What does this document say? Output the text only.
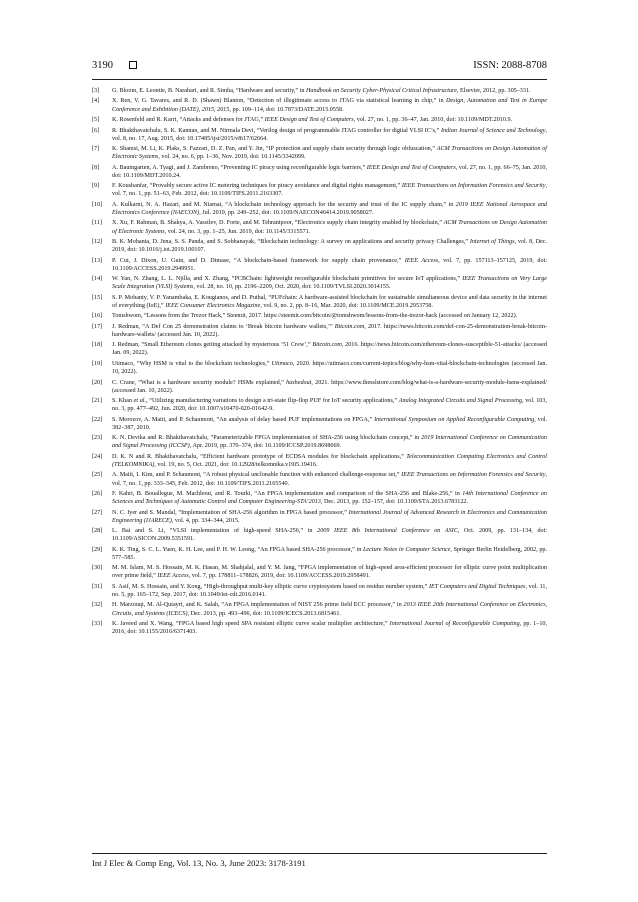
3190	ISSN: 2088-8708
[3]	G. Bloom, E. Leontie, B. Narahari, and R. Simha, “Hardware and security,” in Handbook on Security Cyber-Physical Critical Infrastructure, Elsevier, 2012, pp. 305–331.
[4]	X. Ren, V. G. Tavares, and R. D. (Shawn) Blanton, “Detection of illegitimate access to JTAG via statistical learning in chip,” in Design, Automation and Test in Europe Conference and Exhibition (DATE), 2015, 2015, pp. 109–114, doi: 10.7873/DATE.2015.0558.
[5]	K. Rosenfeld and R. Karri, “Attacks and defenses for JTAG,” IEEE Design and Test of Computers, vol. 27, no. 1, pp. 36–47, Jan. 2010, doi: 10.1109/MDT.2010.9.
[6]	R. Bhakthavatchalu, S. K. Kannan, and M. Nirmala Devi, “Verilog design of programmable JTAG controller for digital VLSI IC’s,” Indian Journal of Science and Technology, vol. 8, no. 17, Aug. 2015, doi: 10.17485/ijst/2015/v8i17/62664.
[7]	K. Shamsi, M. Li, K. Plaks, S. Fazzari, D. Z. Pan, and Y. Jin, “IP protection and supply chain security through logic obfuscation,” ACM Transactions on Design Automation of Electronic Systems, vol. 24, no. 6, pp. 1–36, Nov. 2019, doi: 10.1145/3342099.
[8]	A. Baumgarten, A. Tyagi, and J. Zambreno, “Preventing IC piracy using reconfigurable logic barriers,” IEEE Design and Test of Computers, vol. 27, no. 1, pp. 66–75, Jan. 2010, doi: 10.1109/MDT.2010.24.
[9]	F. Koushanfar, “Provably secure active IC metering techniques for piracy avoidance and digital rights management,” IEEE Transactions on Information Forensics and Security, vol. 7, no. 1, pp. 51–63, Feb. 2012, doi: 10.1109/TIFS.2011.2163307.
[10]	A. Kulkarni, N. A. Hazari, and M. Niamat, “A blockchain technology approach for the security and trust of the IC supply chain,” in 2019 IEEE National Aerospace and Electronics Conference (NAECON), Jul. 2019, pp. 249–252, doi: 10.1109/NAECON46414.2019.9058027.
[11]	X. Xu, F. Rahman, B. Shakya, A. Vassilev, D. Forte, and M. Tehranipoor, “Electronics supply chain integrity enabled by blockchain,” ACM Transactions on Design Automation of Electronic Systems, vol. 24, no. 3, pp. 1–25, Jun. 2019, doi: 10.1145/3315571.
[12]	B. K. Mohanta, D. Jena, S. S. Panda, and S. Sobhanayak, “Blockchain technology: A survey on applications and security privacy Challenges,” Internet of Things, vol. 8, Dec. 2019, doi: 10.1016/j.iot.2019.100107.
[13]	P. Cui, J. Dixon, U. Guin, and D. Dimase, “A blockchain-based framework for supply chain provenance,” IEEE Access, vol. 7, pp. 157113–157125, 2019, doi: 10.1109/ACCESS.2019.2949951.
[14]	W. Yan, N. Zhang, L. L. Njilla, and X. Zhang, “PCBChain: lightweight reconfigurable blockchain primitives for secure IoT applications,” IEEE Transactions on Very Large Scale Integration (VLSI) Systems, vol. 28, no. 10, pp. 2196–2209, Oct. 2020, doi: 10.1109/TVLSI.2020.3014155.
[15]	S. P. Mohanty, V. P. Yanambaka, E. Kougianos, and D. Puthal, “PUFchain: A hardware-assisted blockchain for sustainable simultaneous device and data security in the internet of everything (IoE),” IEEE Consumer Electronics Magazine, vol. 9, no. 2, pp. 8–16, Mar. 2020, doi: 10.1109/MCE.2019.2953758.
[16]	Tomshwom, “Lessons from the Trezor Hack,” Steemit, 2017. https://steemit.com/bitcoin/@tomshwom/lessons-from-the-trezor-hack (accessed on January 12, 2022).
[17]	J. Redman, “A Def Con 25 demonstration claims to ‘Break bitcoin hardware wallets,’” Bitcoin.com, 2017. https://news.bitcoin.com/def-con-25-demonstration-break-bitcoin-hardware-wallets/ (accessed Jan. 10, 2022).
[18]	J. Redman, “Small Ethereum clones getting attacked by mysterious ‘51 Crew’,” Bitcoin.com, 2016. https://news.bitcoin.com/ethereum-clones-susceptible-51-attacks/ (accessed Jan. 09, 2022).
[19]	Utimaco, “Why HSM is vital to the blockchain technologies,” Utimaco, 2020. https://utimaco.com/current-topics/blog/why-hsm-vital-blockchain-technologies (accessed Jan. 10, 2022).
[20]	C. Crane, “What is a hardware security module? HSMs explained,” hashedout, 2021. https://www.thesslstore.com/blog/what-is-a-hardware-security-module-hsms-explained/ (accessed Jan. 10, 2022).
[21]	S. Khan et al., “Utilizing manufacturing variations to design a tri-state flip-flop PUF for IoT security applications,” Analog Integrated Circuits and Signal Processing, vol. 103, no. 3, pp. 477–492, Jun. 2020, doi: 10.1007/s10470-020-01642-9.
[22]	S. Morozov, A. Maiti, and P. Schaumont, “An analysis of delay based PUF implementations on FPGA,” International Symposium on Applied Reconfigurable Computing, vol. 382–387, 2010.
[23]	K. N. Devika and R. Bhakthavatchalu, “Parameterizable FPGA implementation of SHA-256 using blockchain concept,” in 2019 International Conference on Communication and Signal Processing (ICCSP), Apr. 2019, pp. 370–374, doi: 10.1109/ICCSP.2019.8698069.
[24]	D. K. N and R. Bhakthavatchalu, “Efficient hardware prototype of ECDSA modules for blockchain applications,” Telecommunication Computing Electronics and Control (TELKOMNIKA), vol. 19, no. 5, Oct. 2021, doi: 10.12928/telkomnika.v19i5.19416.
[25]	A. Maiti, I. Kim, and P. Schaumont, “A robust physical unclonable function with enhanced challenge-response set,” IEEE Transactions on Information Forensics and Security, vol. 7, no. 1, pp. 333–345, Feb. 2012, doi: 10.1109/TIFS.2011.2165540.
[26]	F. Kahri, B. Bouallegue, M. Machhout, and R. Tourki, “An FPGA implementation and comparison of the SHA-256 and Blake-256,” in 14th International Conference on Sciences and Techniques of Automatic Control and Computer Engineering-STA’2013, Dec. 2013, pp. 152–157, doi: 10.1109/STA.2013.6783122.
[27]	N. C. Iyer and S. Mandal, “Implementation of SHA-256 algorithm in FPGA based processor,” International Journal of Advanced Research in Electronics and Communication Engineering (IJARECE), vol. 4, pp. 334–344, 2015.
[28]	L. Bai and S. Li, “VLSI implementation of high-speed SHA-256,” in 2009 IEEE 8th International Conference on ASIC, Oct. 2009, pp. 131–134, doi: 10.1109/ASICON.2009.5351591.
[29]	K. K. Ting, S. C. L. Yuen, K. H. Lee, and P. H. W. Leong, “An FPGA based SHA-256 processor,” in Lecture Notes in Computer Science, Springer Berlin Heidelberg, 2002, pp. 577–585.
[30]	M. M. Islam, M. S. Hossain, M. K. Hasan, M. Shahjalal, and Y. M. Jang, “FPGA implementation of high-speed area-efficient processor for elliptic curve point multiplication over prime field,” IEEE Access, vol. 7, pp. 178811–178826, 2019, doi: 10.1109/ACCESS.2019.2958491.
[31]	S. Asif, M. S. Hossain, and Y. Kong, “High-throughput multi-key elliptic curve cryptosystem based on residue number system,” IET Computers and Digital Techniques, vol. 11, no. 5, pp. 165–172, Sep. 2017, doi: 10.1049/iet-cdt.2016.0141.
[32]	H. Marzouqi, M. Al-Qutayri, and K. Salah, “An FPGA implementation of NIST 256 prime field ECC processor,” in 2013 IEEE 20th International Conference on Electronics, Circuits, and Systems (ICECS), Dec. 2013, pp. 493–496, doi: 10.1109/ICECS.2013.6815461.
[33]	K. Javeed and X. Wang, “FPGA based high speed SPA resistant elliptic curve scalar multiplier architecture,” International Journal of Reconfigurable Computing, pp. 1–10, 2016, doi: 10.1155/2016/6371403.
Int J Elec & Comp Eng, Vol. 13, No. 3, June 2023: 3178-3191
